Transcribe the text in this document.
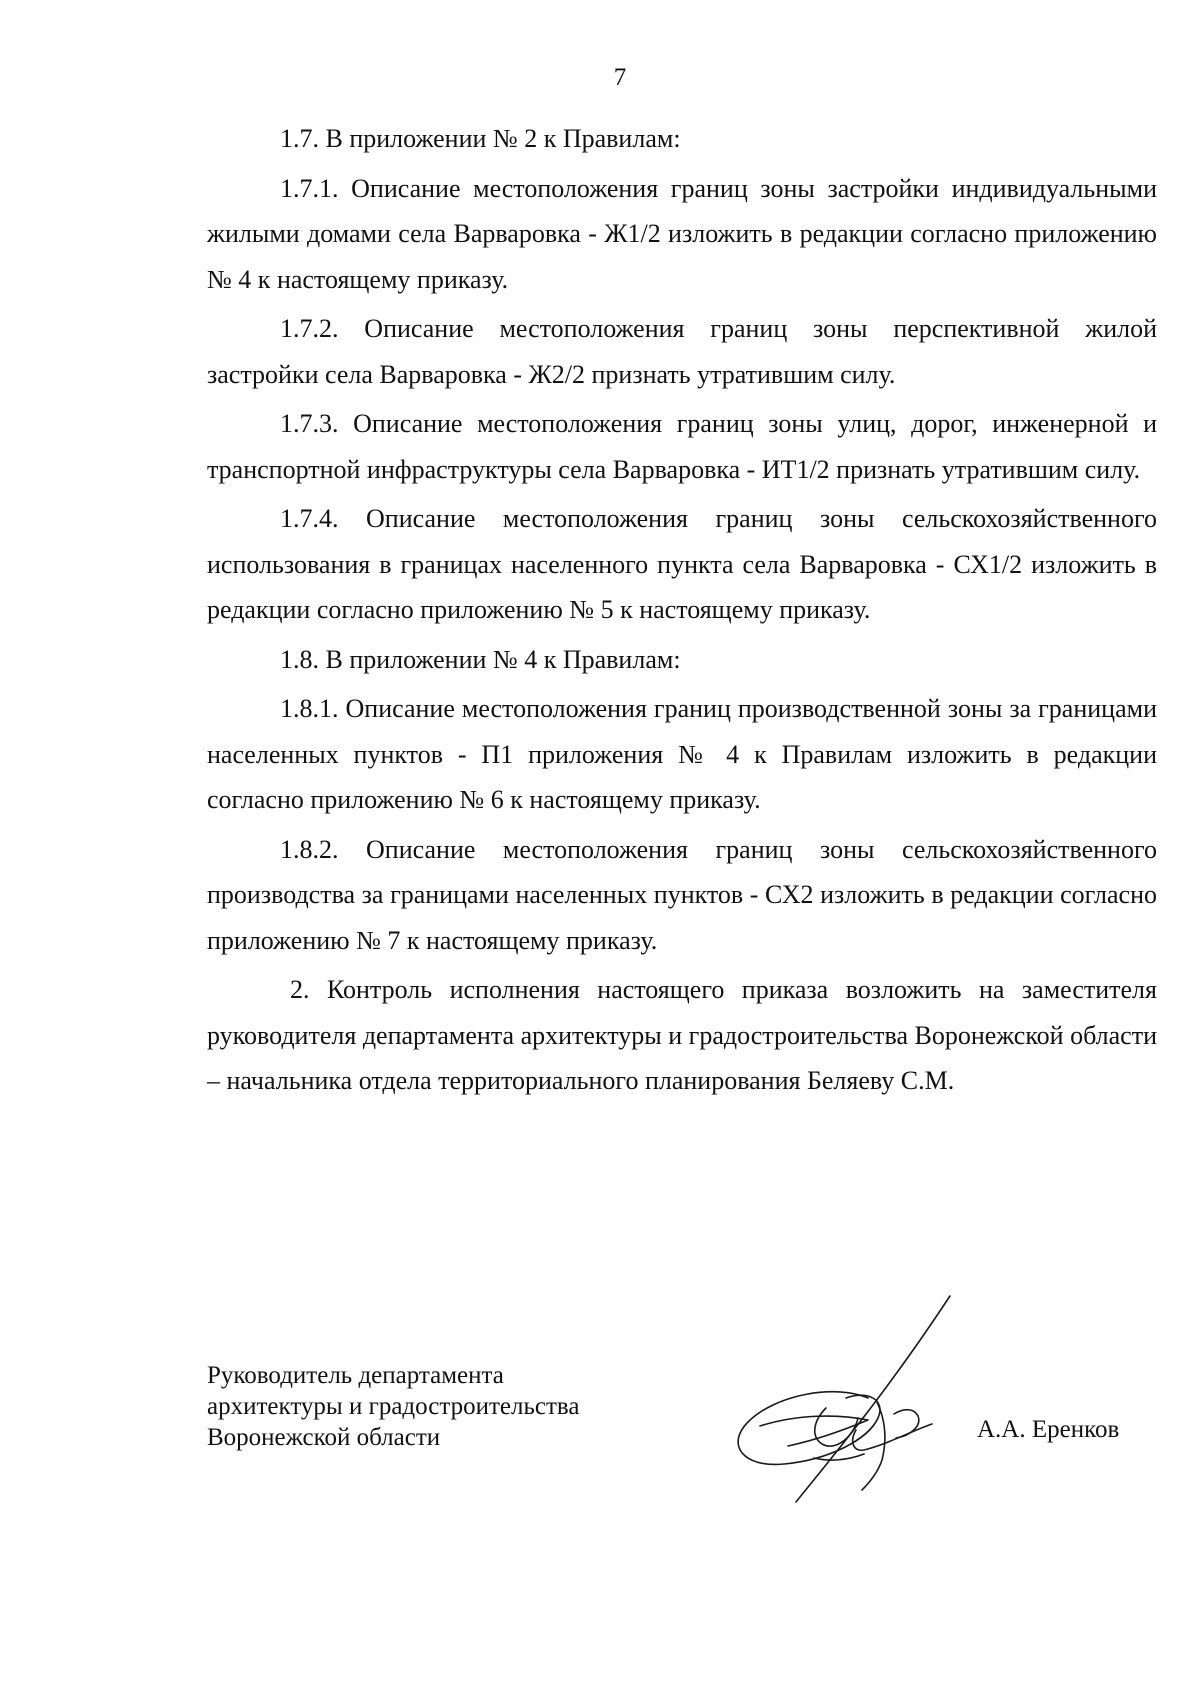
7

1.7. В приложении № 2 к Правилам:

1.7.1. Описание местоположения границ зоны застройки индивидуальными жилыми домами села Варваровка - Ж1/2 изложить в редакции согласно приложению № 4 к настоящему приказу.

1.7.2. Описание местоположения границ зоны перспективной жилой застройки села Варваровка - Ж2/2 признать утратившим силу.

1.7.3. Описание местоположения границ зоны улиц, дорог, инженерной и транспортной инфраструктуры села Варваровка - ИТ1/2 признать утратившим силу.

1.7.4. Описание местоположения границ зоны сельскохозяйственного использования в границах населенного пункта села Варваровка - СХ1/2 изложить в редакции согласно приложению № 5 к настоящему приказу.

1.8. В приложении № 4 к Правилам:

1.8.1. Описание местоположения границ производственной зоны за границами населенных пунктов - П1 приложения № 4 к Правилам изложить в редакции согласно приложению № 6 к настоящему приказу.

1.8.2. Описание местоположения границ зоны сельскохозяйственного производства за границами населенных пунктов - СХ2 изложить в редакции согласно приложению № 7 к настоящему приказу.

2. Контроль исполнения настоящего приказа возложить на заместителя руководителя департамента архитектуры и градостроительства Воронежской области – начальника отдела территориального планирования Беляеву С.М.

Руководитель департамента
архитектуры и градостроительства
Воронежской области	А.А. Еренков
